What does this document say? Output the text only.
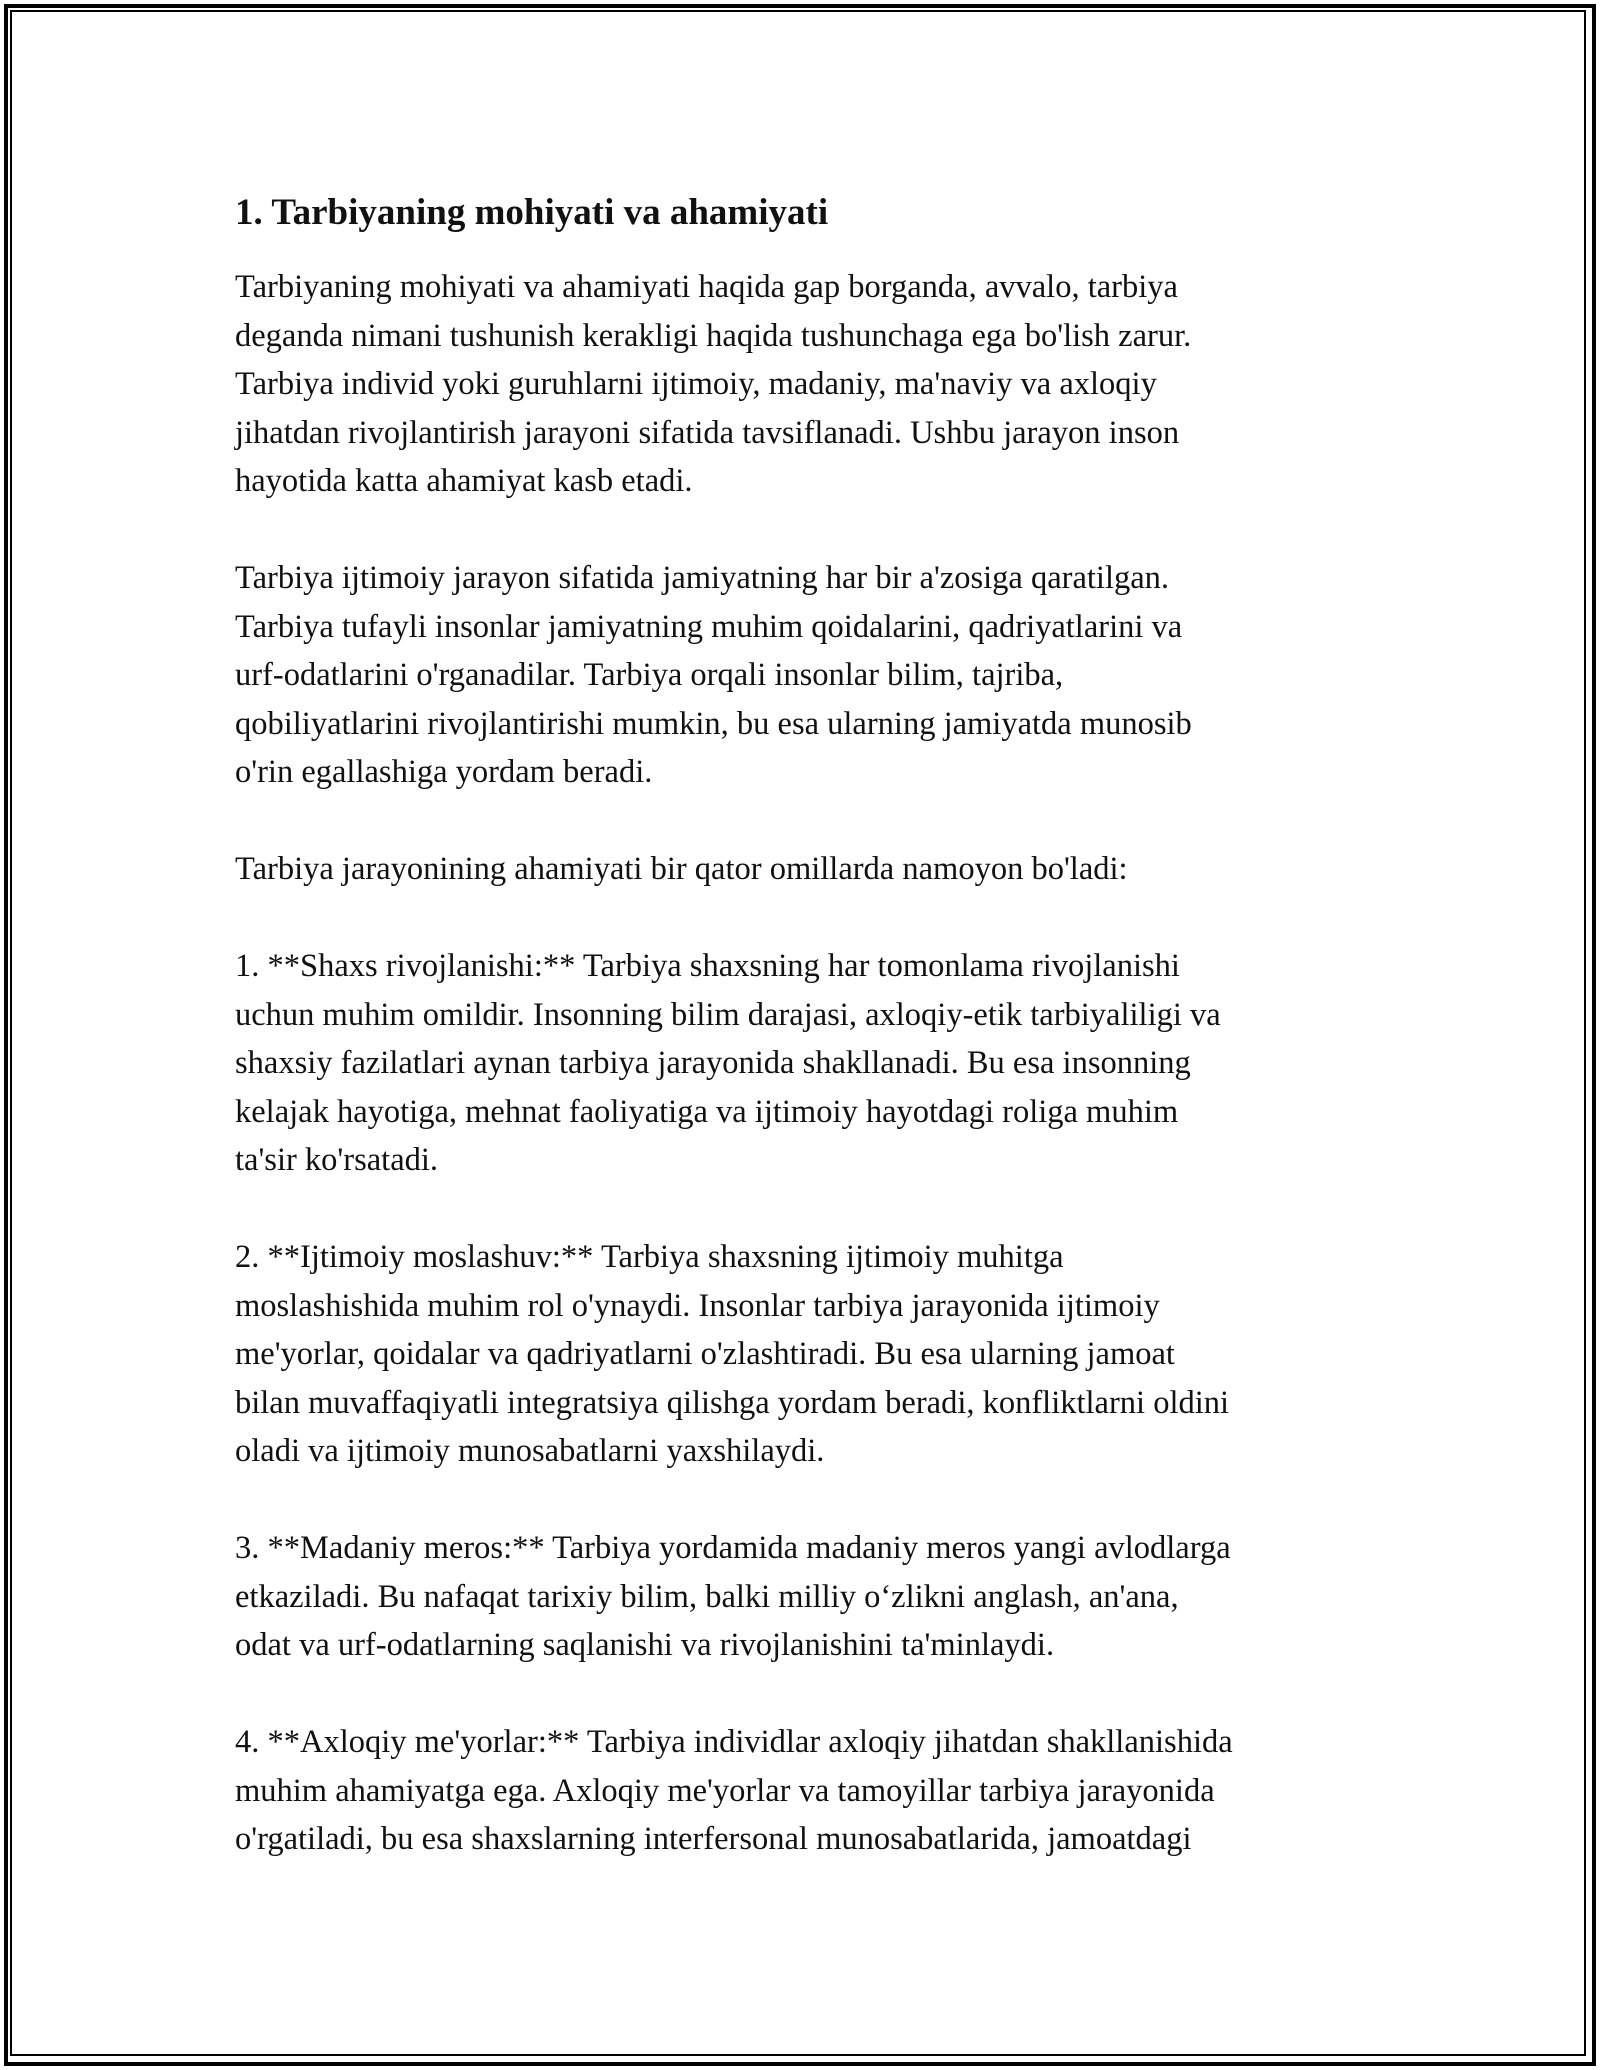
1. Tarbiyaning mohiyati va ahamiyati
Tarbiyaning mohiyati va ahamiyati haqida gap borganda, avvalo, tarbiya
deganda nimani tushunish kerakligi haqida tushunchaga ega bo'lish zarur.
Tarbiya individ yoki guruhlarni ijtimoiy, madaniy, ma'naviy va axloqiy
jihatdan rivojlantirish jarayoni sifatida tavsiflanadi. Ushbu jarayon inson
hayotida katta ahamiyat kasb etadi.
Tarbiya ijtimoiy jarayon sifatida jamiyatning har bir a'zosiga qaratilgan.
Tarbiya tufayli insonlar jamiyatning muhim qoidalarini, qadriyatlarini va
urf-odatlarini o'rganadilar. Tarbiya orqali insonlar bilim, tajriba,
qobiliyatlarini rivojlantirishi mumkin, bu esa ularning jamiyatda munosib
o'rin egallashiga yordam beradi.
Tarbiya jarayonining ahamiyati bir qator omillarda namoyon bo'ladi:
1. **Shaxs rivojlanishi:** Tarbiya shaxsning har tomonlama rivojlanishi
uchun muhim omildir. Insonning bilim darajasi, axloqiy-etik tarbiyaliligi va
shaxsiy fazilatlari aynan tarbiya jarayonida shakllanadi. Bu esa insonning
kelajak hayotiga, mehnat faoliyatiga va ijtimoiy hayotdagi roliga muhim
ta'sir ko'rsatadi.
2. **Ijtimoiy moslashuv:** Tarbiya shaxsning ijtimoiy muhitga
moslashishida muhim rol o'ynaydi. Insonlar tarbiya jarayonida ijtimoiy
me'yorlar, qoidalar va qadriyatlarni o'zlashtiradi. Bu esa ularning jamoat
bilan muvaffaqiyatli integratsiya qilishga yordam beradi, konfliktlarni oldini
oladi va ijtimoiy munosabatlarni yaxshilaydi.
3. **Madaniy meros:** Tarbiya yordamida madaniy meros yangi avlodlarga
etkaziladi. Bu nafaqat tarixiy bilim, balki milliy o‘zlikni anglash, an'ana,
odat va urf-odatlarning saqlanishi va rivojlanishini ta'minlaydi.
4. **Axloqiy me'yorlar:** Tarbiya individlar axloqiy jihatdan shakllanishida
muhim ahamiyatga ega. Axloqiy me'yorlar va tamoyillar tarbiya jarayonida
o'rgatiladi, bu esa shaxslarning interfersonal munosabatlarida, jamoatdagi
